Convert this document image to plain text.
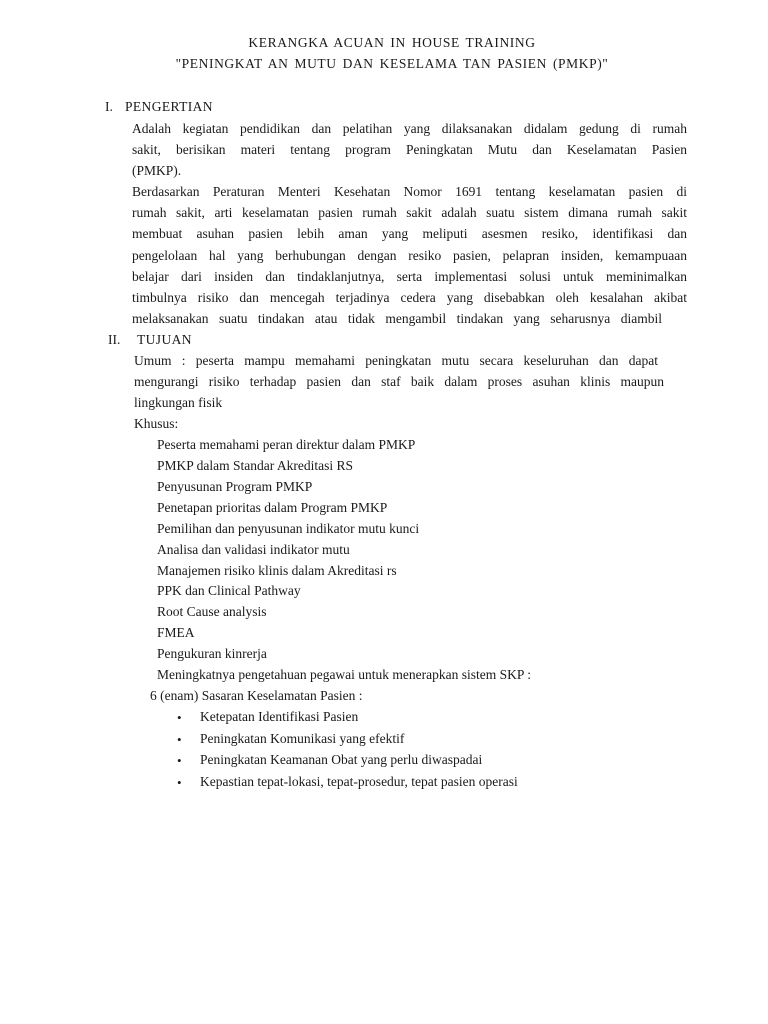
KERANGKA ACUAN IN HOUSE TRAINING
"PENINGKAT AN MUTU DAN KESELAMA TAN PASIEN (PMKP)"
I. PENGERTIAN
Adalah kegiatan pendidikan dan pelatihan yang dilaksanakan didalam gedung di rumah
sakit, berisikan materi tentang program Peningkatan Mutu dan Keselamatan Pasien
(PMKP).
Berdasarkan Peraturan Menteri Kesehatan Nomor 1691 tentang keselamatan pasien di
rumah sakit, arti keselamatan pasien rumah sakit adalah suatu sistem dimana rumah sakit
membuat asuhan pasien lebih aman yang meliputi asesmen resiko, identifikasi dan
pengelolaan hal yang berhubungan dengan resiko pasien, pelapran insiden, kemampuaan
belajar dari insiden dan tindaklanjutnya, serta implementasi solusi untuk meminimalkan
timbulnya risiko dan mencegah terjadinya cedera yang disebabkan oleh kesalahan akibat
melaksanakan suatu tindakan atau tidak mengambil tindakan yang seharusnya diambil
II. TUJUAN
Umum : peserta mampu memahami peningkatan mutu secara keseluruhan dan dapat
mengurangi risiko terhadap pasien dan staf baik dalam proses asuhan klinis maupun
lingkungan fisik
Khusus:
Peserta memahami peran direktur dalam PMKP
PMKP dalam Standar Akreditasi RS
Penyusunan Program PMKP
Penetapan prioritas dalam Program PMKP
Pemilihan dan penyusunan indikator mutu kunci
Analisa dan validasi indikator mutu
Manajemen risiko klinis dalam Akreditasi rs
PPK dan Clinical Pathway
Root Cause analysis
FMEA
Pengukuran kinrerja
Meningkatnya pengetahuan pegawai untuk menerapkan sistem SKP :
6 (enam) Sasaran Keselamatan Pasien :
• Ketepatan Identifikasi Pasien
• Peningkatan Komunikasi yang efektif
• Peningkatan Keamanan Obat yang perlu diwaspadai
• Kepastian tepat-lokasi, tepat-prosedur, tepat pasien operasi
